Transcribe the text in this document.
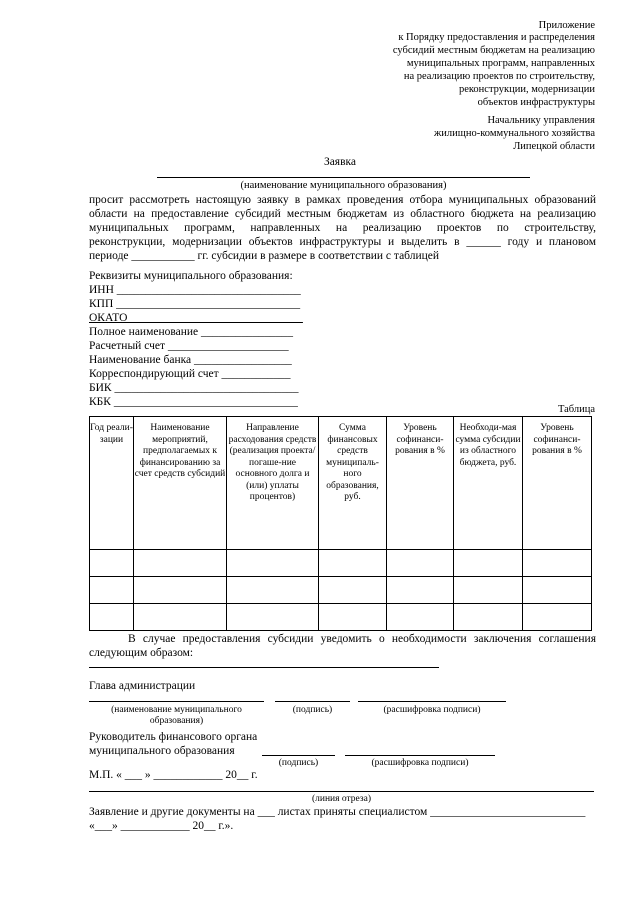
Приложение
к Порядку предоставления и распределения
субсидий местным бюджетам на реализацию
муниципальных программ, направленных
на реализацию проектов по строительству,
реконструкции, модернизации
объектов инфраструктуры
Начальнику управления
жилищно-коммунального хозяйства
Липецкой области
Заявка
(наименование муниципального образования)
просит рассмотреть настоящую заявку в рамках проведения отбора муниципальных образований
области на предоставление субсидий местным бюджетам из областного бюджета на реализацию
муниципальных программ, направленных на реализацию проектов по строительству,
реконструкции, модернизации объектов инфраструктуры и выделить в ______ году и плановом
периоде ___________ гг. субсидии в размере в соответствии с таблицей
Реквизиты муниципального образования:
ИНН ________________________________
КПП ________________________________
ОКАТО ______________________________
Полное наименование ________________
Расчетный счет _____________________
Наименование банка _________________
Корреспондирующий счет ____________
БИК ________________________________
КБК ________________________________
Таблица
Год реали-зации	Наименование мероприятий, предполагаемых к финансированию за счет средств субсидий	Направление расходования средств (реализация проекта/погаше-ние основного долга и (или) уплаты процентов)	Сумма финансовых средств муниципаль-ного образования, руб.	Уровень софинанси-рования в %	Необходи-мая сумма субсидии из областного бюджета, руб.	Уровень софинанси-рования в %

В случае предоставления субсидии уведомить о необходимости заключения соглашения
следующим образом:
Глава администрации
(наименование муниципального
образования)
(подпись)	(расшифровка подписи)
Руководитель финансового органа
муниципального образования
(подпись)	(расшифровка подписи)
М.П. « ___ » ____________ 20__ г.
(линия отреза)
Заявление и другие документы на ___ листах приняты специалистом ___________________________
«___» ____________ 20__ г.».
